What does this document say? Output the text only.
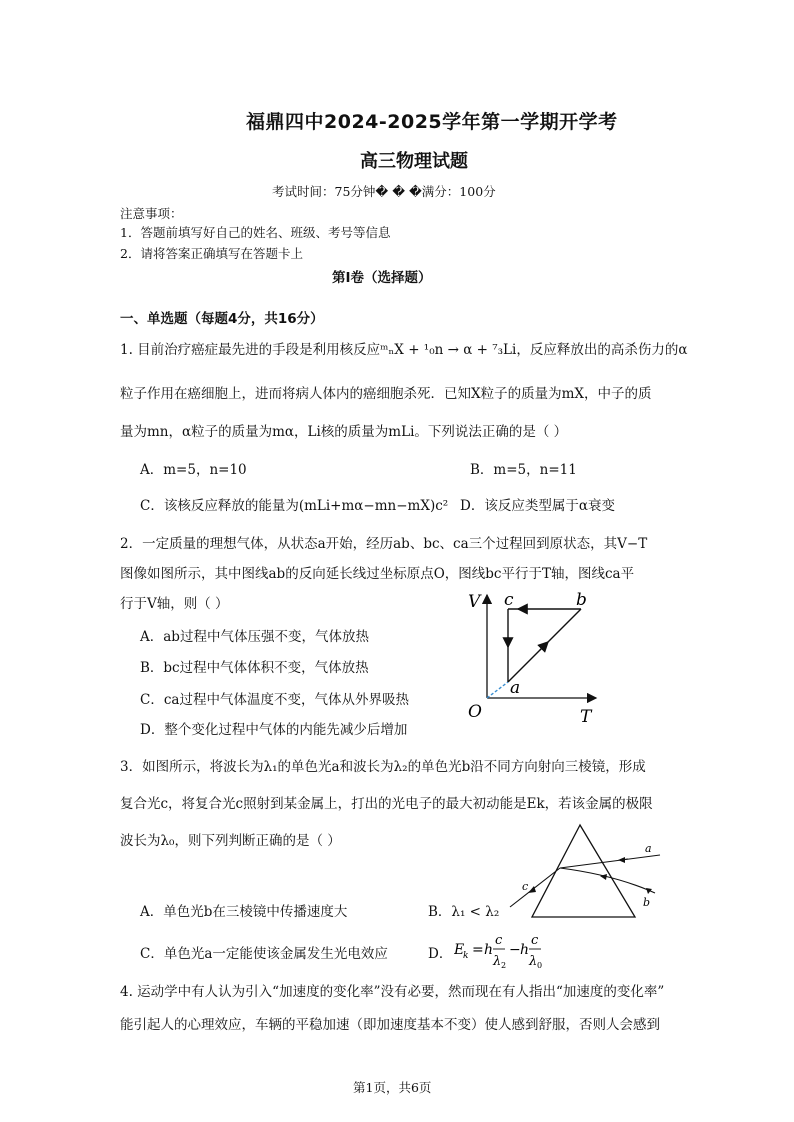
福鼎四中2024-2025学年第一学期开学考
高三物理试题
考试时间：75分钟� � �满分：100分
注意事项：
1．答题前填写好自己的姓名、班级、考号等信息
2．请将答案正确填写在答题卡上
第Ⅰ卷（选择题）
一、单选题（每题4分，共16分）
1. 目前治疗癌症最先进的手段是利用核反应ᵐₙX + ¹₀n → α + ⁷₃Li，反应释放出的高杀伤力的α
粒子作用在癌细胞上，进而将病人体内的癌细胞杀死．已知X粒子的质量为mX，中子的质
量为mn，α粒子的质量为mα，Li核的质量为mLi。下列说法正确的是（ ）
A．m=5，n=10	B．m=5，n=11
C．该核反应释放的能量为(mLi+mα−mn−mX)c² D．该反应类型属于α衰变
2．一定质量的理想气体，从状态a开始，经历ab、bc、ca三个过程回到原状态，其V−T
图像如图所示，其中图线ab的反向延长线过坐标原点O，图线bc平行于T轴，图线ca平
行于V轴，则（ ）
A．ab过程中气体压强不变，气体放热
B．bc过程中气体体积不变，气体放热
C．ca过程中气体温度不变，气体从外界吸热
D．整个变化过程中气体的内能先减少后增加
V
T
O
a
b
c
3．如图所示，将波长为λ₁的单色光a和波长为λ₂的单色光b沿不同方向射向三棱镜，形成
复合光c，将复合光c照射到某金属上，打出的光电子的最大初动能是Ek，若该金属的极限
波长为λ₀，则下列判断正确的是（ ）
A．单色光b在三棱镜中传播速度大	B．λ₁ < λ₂
C．单色光a一定能使该金属发生光电效应	D． E
k = h
c
λ 2
− h
c
λ 0
a
b
c
4. 运动学中有人认为引入“加速度的变化率”没有必要，然而现在有人指出“加速度的变化率”
能引起人的心理效应，车辆的平稳加速（即加速度基本不变）使人感到舒服，否则人会感到
第1页，共6页
